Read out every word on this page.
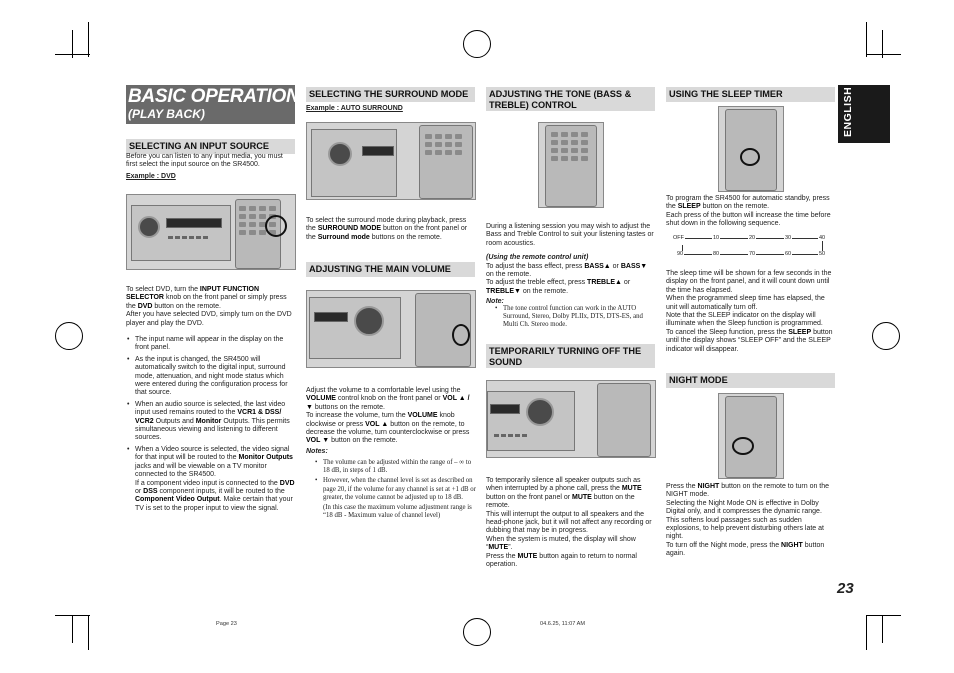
BASIC OPERATION
(PLAY BACK)	ENGLISH
SELECTING AN INPUT SOURCE
Before you can listen to any input media, you must first select the input source on the SR4500.
Example : DVD

To select DVD, turn the INPUT FUNCTION SELECTOR knob on the front panel or simply press the DVD button on the remote.

After you have selected DVD, simply turn on the DVD player and play the DVD.

• The input name will appear in the display on the front panel.

• As the input is changed, the SR4500 will automatically switch to the digital input, surround mode, attenuation, and night mode status which were entered during the configuration process for that source.

• When an audio source is selected, the last video input used remains routed to the VCR1 & DSS/ VCR2 Outputs and Monitor Outputs. This permits simultaneous viewing and listening to different sources.

• When a Video source is selected, the video signal for that input will be routed to the Monitor Outputs jacks and will be viewable on a TV monitor connected to the SR4500.

If a component video input is connected to the DVD or DSS component inputs, it will be routed to the Component Video Output. Make certain that your TV is set to the proper input to view the signal.

SELECTING THE SURROUND MODE
Example : AUTO SURROUND
To select the surround mode during playback, press the SURROUND MODE button on the front panel or the Surround mode buttons on the remote.
ADJUSTING THE MAIN VOLUME

Adjust the volume to a comfortable level using the VOLUME control knob on the front panel or VOL ▲ / ▼ buttons on the remote.

To increase the volume, turn the VOLUME knob clockwise or press VOL ▲ button on the remote, to decrease the volume, turn counterclockwise or press VOL ▼ button on the remote.

Notes:

• The volume can be adjusted within the range of – ∞ to 18 dB, in steps of 1 dB.

• However, when the channel level is set as described on page 20, if the volume for any channel is set at +1 dB or greater, the volume cannot be adjusted up to 18 dB.

(In this case the maximum volume adjustment range is “18 dB - Maximum value of channel level)

ADJUSTING THE TONE (BASS & TREBLE) CONTROL

During a listening session you may wish to adjust the Bass and Treble Control to suit your listening tastes or room acoustics.

(Using the remote control unit)

To adjust the bass effect, press BASS▲ or BASS▼ on the remote.

To adjust the treble effect, press TREBLE▲ or TREBLE▼ on the remote.

Note:

• The tone control function can work in the AUTO Surround, Stereo, Dolby PLIIx, DTS, DTS-ES, and Multi Ch. Stereo mode.

TEMPORARILY TURNING OFF THE SOUND

To temporarily silence all speaker outputs such as when interrupted by a phone call, press the MUTE button on the front panel or MUTE button on the remote.

This will interrupt the output to all speakers and the head-phone jack, but it will not affect any recording or dubbing that may be in progress.

When the system is muted, the display will show “MUTE”.

Press the MUTE button again to return to normal operation.

USING THE SLEEP TIMER

To program the SR4500 for automatic standby, press the SLEEP button on the remote.

Each press of the button will increase the time before shut down in the following sequence.

OFF	10	20	30	40
90	80	70	60	50

The sleep time will be shown for a few seconds in the display on the front panel, and it will count down until the time has elapsed.

When the programmed sleep time has elapsed, the unit will automatically turn off.

Note that the SLEEP indicator on the display will illuminate when the Sleep function is programmed.

To cancel the Sleep function, press the SLEEP button until the display shows “SLEEP OFF” and the SLEEP indicator will disappear.

NIGHT MODE

Press the NIGHT button on the remote to turn on the NIGHT mode.

Selecting the Night Mode ON is effective in Dolby Digital only, and it compresses the dynamic range.

This softens loud passages such as sudden explosions, to help prevent disturbing others late at night.

To turn off the Night mode, press the NIGHT button again.

23
Page 23	04.6.25, 11:07 AM
